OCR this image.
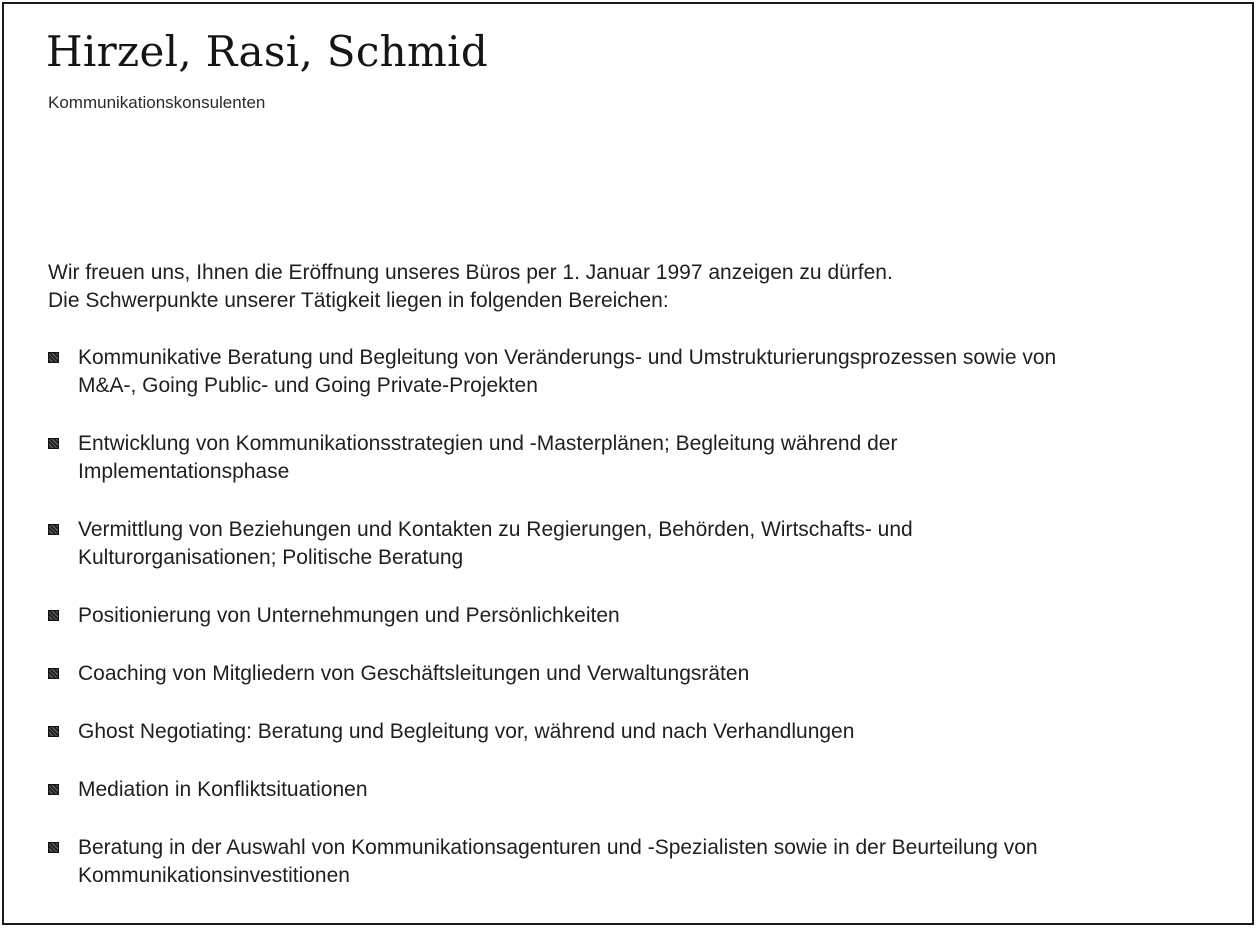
Hirzel, Rasi, Schmid
Kommunikationskonsulenten
Wir freuen uns, Ihnen die Eröffnung unseres Büros per 1. Januar 1997 anzeigen zu dürfen.
Die Schwerpunkte unserer Tätigkeit liegen in folgenden Bereichen:
Kommunikative Beratung und Begleitung von Veränderungs- und Umstrukturierungsprozessen sowie von
M&A-, Going Public- und Going Private-Projekten
Entwicklung von Kommunikationsstrategien und -Masterplänen; Begleitung während der
Implementationsphase
Vermittlung von Beziehungen und Kontakten zu Regierungen, Behörden, Wirtschafts- und
Kulturorganisationen; Politische Beratung
Positionierung von Unternehmungen und Persönlichkeiten
Coaching von Mitgliedern von Geschäftsleitungen und Verwaltungsräten
Ghost Negotiating: Beratung und Begleitung vor, während und nach Verhandlungen
Mediation in Konfliktsituationen
Beratung in der Auswahl von Kommunikationsagenturen und -Spezialisten sowie in der Beurteilung von
Kommunikationsinvestitionen
